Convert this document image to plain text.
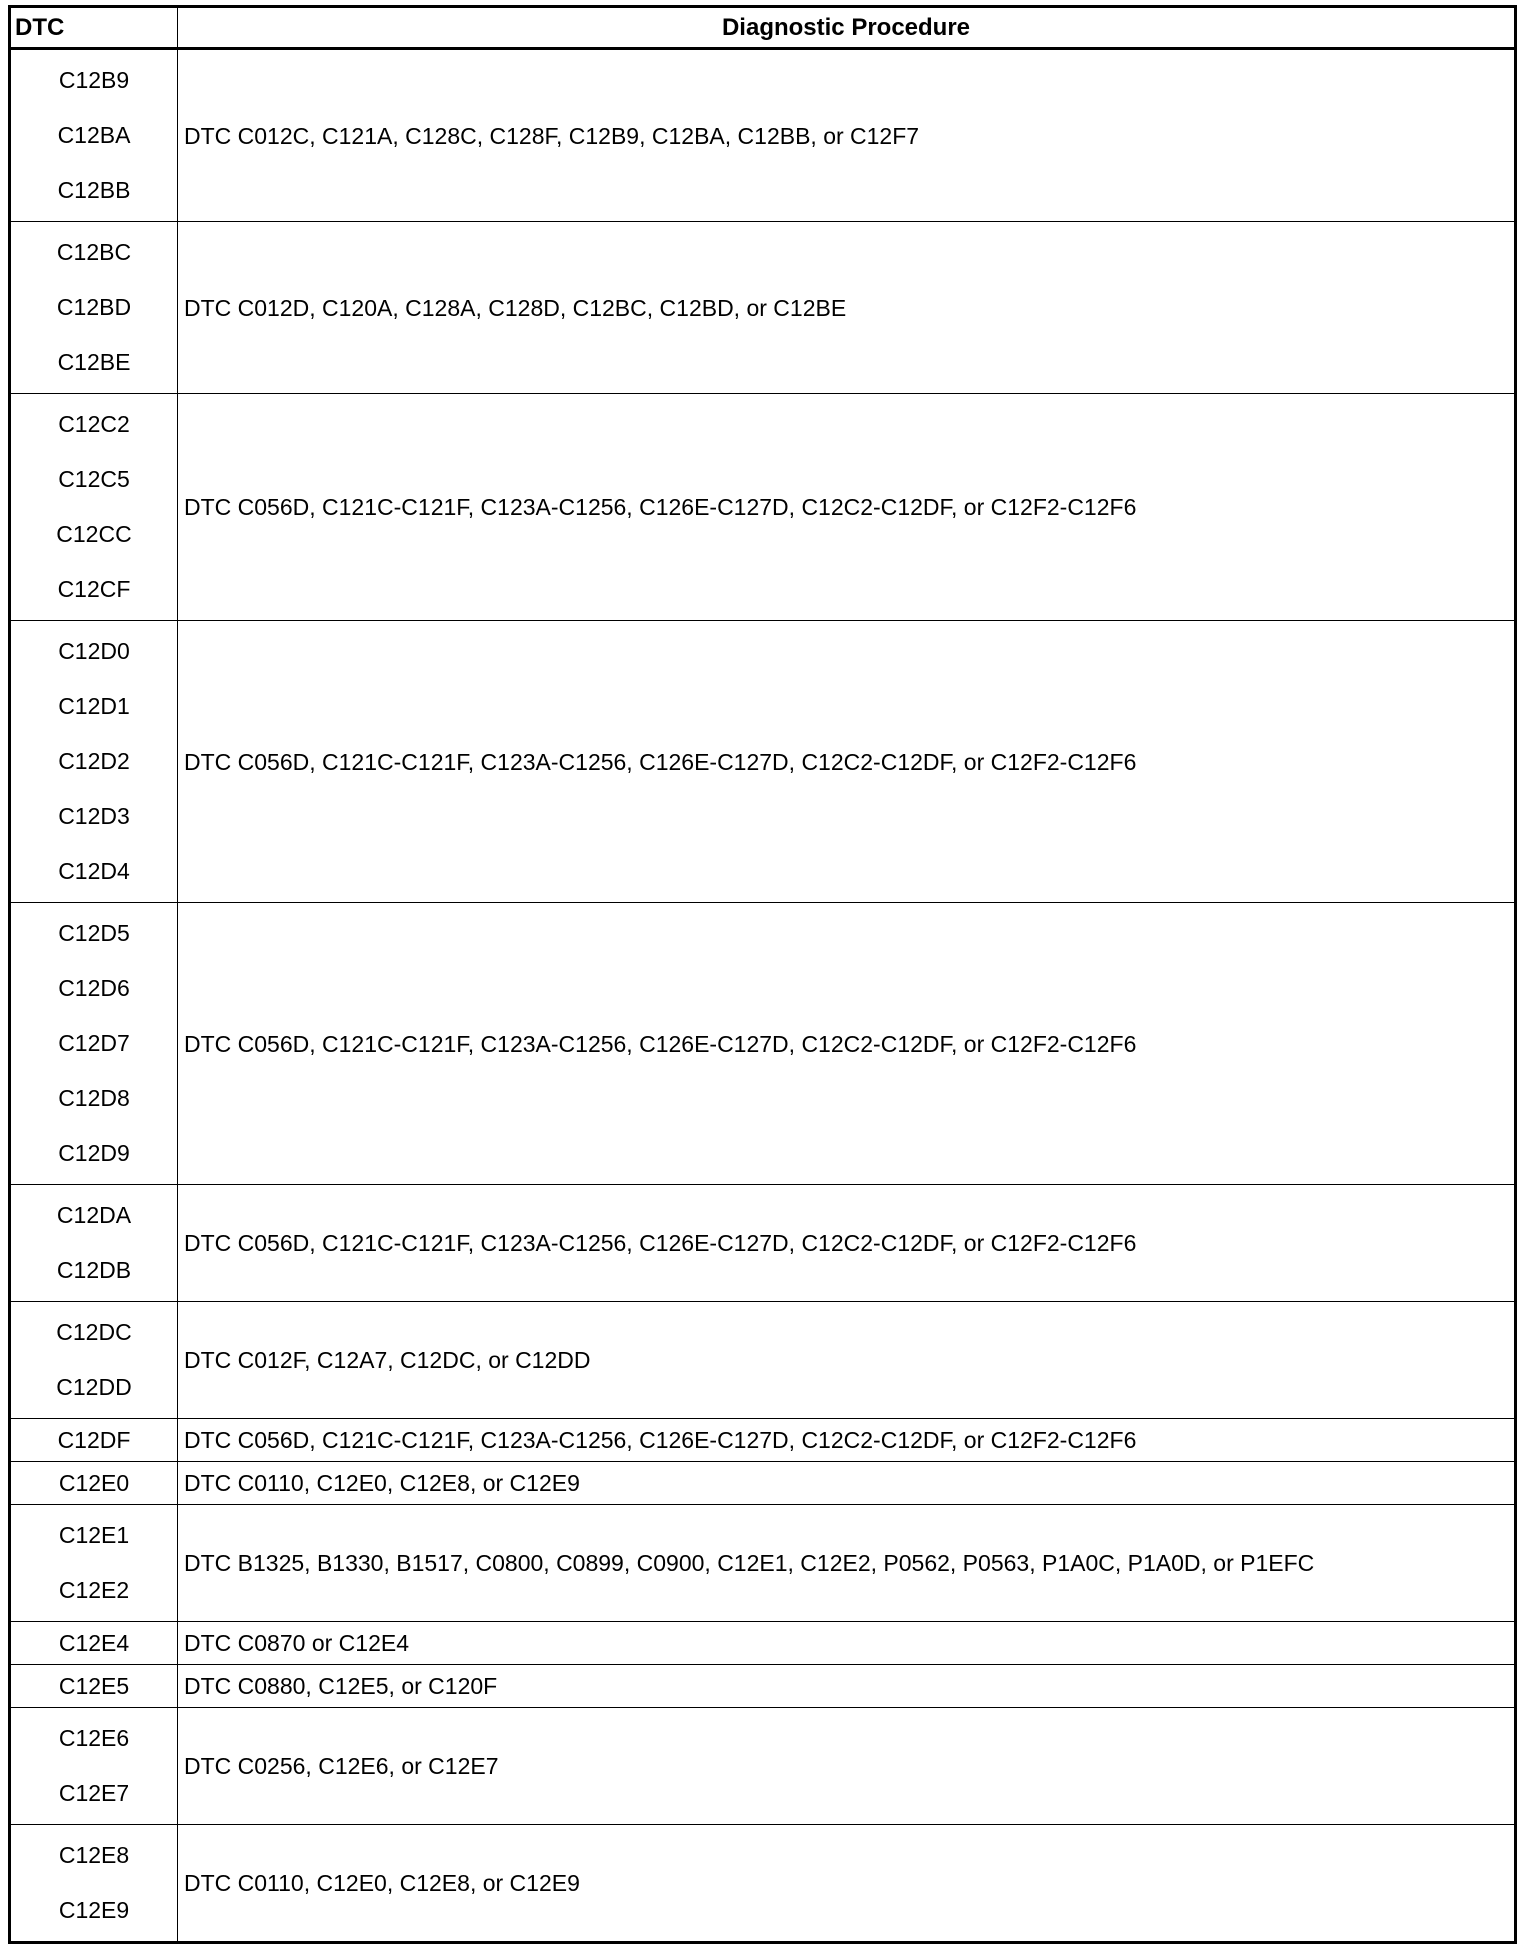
DTC	Diagnostic Procedure

C12B9
C12BA
C12BB	DTC C012C, C121A, C128C, C128F, C12B9, C12BA, C12BB, or C12F7

C12BC
C12BD
C12BE	DTC C012D, C120A, C128A, C128D, C12BC, C12BD, or C12BE

C12C2
C12C5
C12CC
C12CF	DTC C056D, C121C-C121F, C123A-C1256, C126E-C127D, C12C2-C12DF, or C12F2-C12F6

C12D0
C12D1
C12D2
C12D3
C12D4	DTC C056D, C121C-C121F, C123A-C1256, C126E-C127D, C12C2-C12DF, or C12F2-C12F6

C12D5
C12D6
C12D7
C12D8
C12D9	DTC C056D, C121C-C121F, C123A-C1256, C126E-C127D, C12C2-C12DF, or C12F2-C12F6

C12DA
C12DB	DTC C056D, C121C-C121F, C123A-C1256, C126E-C127D, C12C2-C12DF, or C12F2-C12F6

C12DC
C12DD	DTC C012F, C12A7, C12DC, or C12DD

C12DF	DTC C056D, C121C-C121F, C123A-C1256, C126E-C127D, C12C2-C12DF, or C12F2-C12F6

C12E0	DTC C0110, C12E0, C12E8, or C12E9

C12E1
C12E2	DTC B1325, B1330, B1517, C0800, C0899, C0900, C12E1, C12E2, P0562, P0563, P1A0C, P1A0D, or P1EFC

C12E4	DTC C0870 or C12E4

C12E5	DTC C0880, C12E5, or C120F

C12E6
C12E7	DTC C0256, C12E6, or C12E7

C12E8
C12E9	DTC C0110, C12E0, C12E8, or C12E9
